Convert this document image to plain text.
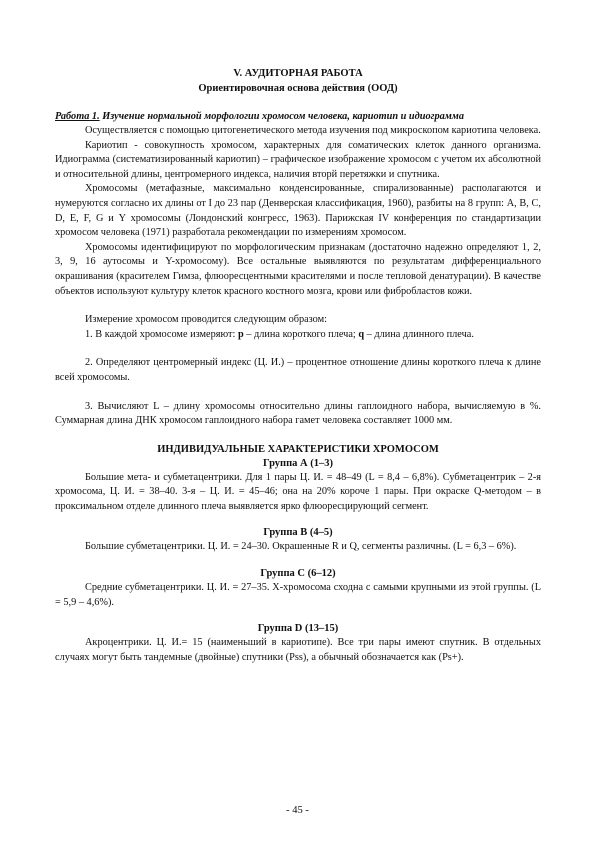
V. АУДИТОРНАЯ РАБОТА
Ориентировочная основа действия (ООД)
Работа 1. Изучение нормальной морфологии хромосом человека, кариотип и идиограмма

Осуществляется с помощью цитогенетического метода изучения под микроскопом кариотипа человека.

Кариотип - совокупность хромосом, характерных для соматических клеток данного организма. Идиограмма (систематизированный кариотип) – графическое изображение хромосом с учетом их абсолютной и относительной длины, центромерного индекса, наличия вторй перетяжки и спутника.

Хромосомы (метафазные, максимально конденсированные, спирализованные) располагаются и нумеруются согласно их длины от I до 23 пар (Денверская классификация, 1960), разбиты на 8 групп: A, B, C, D, E, F, G и Y хромосомы (Лондонский конгресс, 1963). Парижская IV конференция по стандартизации хромосом человека (1971) разработала рекомендации по измерениям хромосом.

Хромосомы идентифицируют по морфологическим признакам (достаточно надежно определяют 1, 2, 3, 9, 16 аутосомы и Y-хромосому). Все остальные выявляются по результатам дифференциального окрашивания (красителем Гимза, флюоресцентными красителями и после тепловой денатурации). В качестве объектов используют культуру клеток красного костного мозга, крови или фибробластов кожи.

Измерение хромосом проводится следующим образом:

1. В каждой хромосоме измеряют: p – длина короткого плеча; q – длина длинного плеча.

2. Определяют центромерный индекс (Ц. И.) – процентное отношение длины короткого плеча к длине всей хромосомы.

3. Вычисляют L – длину хромосомы относительно длины гаплоидного набора, вычисляемую в %. Суммарная длина ДНК хромосом гаплоидного набора гамет человека составляет 1000 мм.

ИНДИВИДУАЛЬНЫЕ ХАРАКТЕРИСТИКИ ХРОМОСОМ
Группа А (1–3)

Большие мета- и субметацентрики. Для 1 пары Ц. И. = 48–49 (L = 8,4 – 6,8%). Субметацентрик – 2-я хромосома, Ц. И. = 38–40. 3-я – Ц. И. = 45–46; она на 20% короче 1 пары. При окраске Q-методом – в проксимальном отделе длинного плеча выявляется ярко флюоресцирующий сегмент.

Группа В (4–5)

Большие субметацентрики. Ц. И. = 24–30. Окрашенные R и Q, сегменты различны. (L = 6,3 – 6%).

Группа С (6–12)

Средние субметацентрики. Ц. И. = 27–35. X-хромосома сходна с самыми крупными из этой группы. (L = 5,9 – 4,6%).

Группа D (13–15)

Акроцентрики. Ц. И.= 15 (наименьший в кариотипе). Все три пары имеют спутник. В отдельных случаях могут быть тандемные (двойные) спутники (Pss), а обычный обозначается как (Ps+).

- 45 -
